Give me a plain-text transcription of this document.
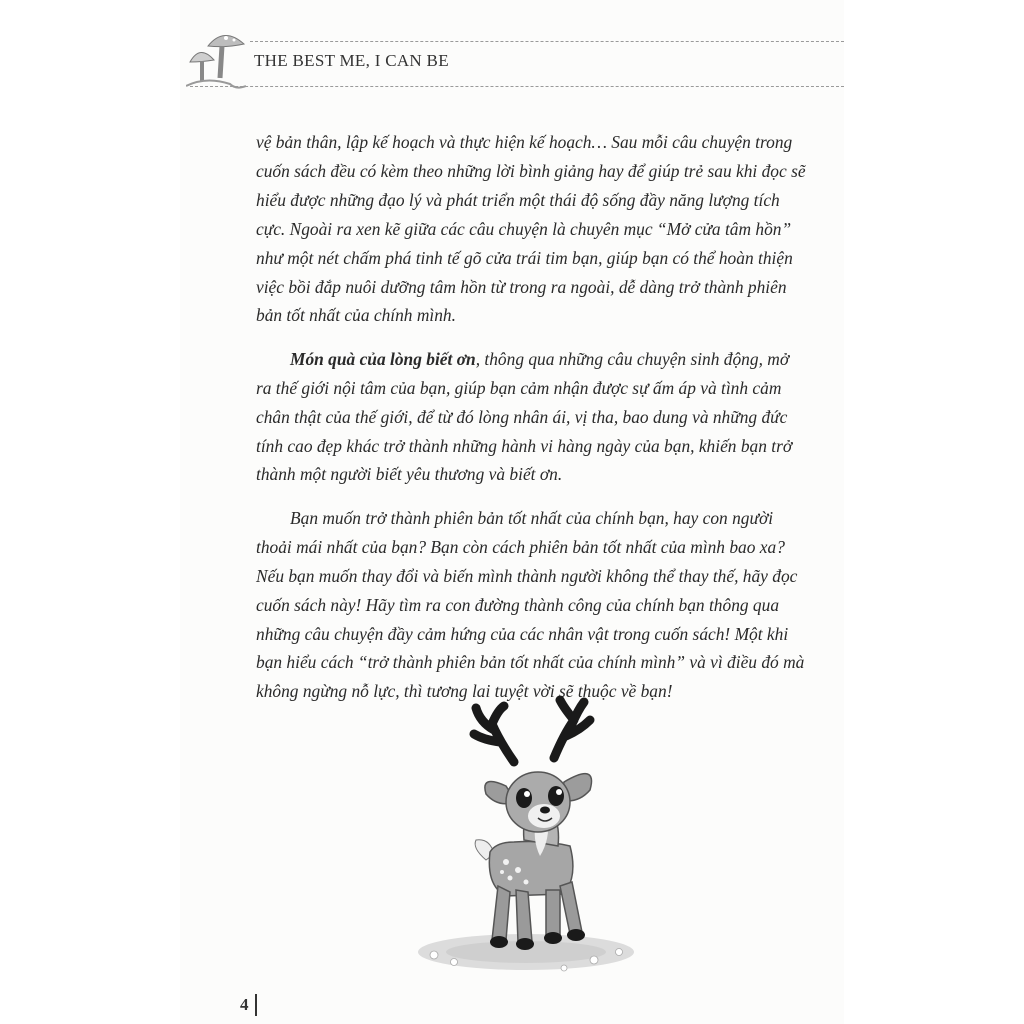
THE BEST ME, I CAN BE

vệ bản thân, lập kế hoạch và thực hiện kế hoạch… Sau mỗi câu chuyện trong
cuốn sách đều có kèm theo những lời bình giảng hay để giúp trẻ sau khi đọc sẽ
hiểu được những đạo lý và phát triển một thái độ sống đầy năng lượng tích
cực. Ngoài ra xen kẽ giữa các câu chuyện là chuyên mục “Mở cửa tâm hồn”
như một nét chấm phá tinh tế gõ cửa trái tim bạn, giúp bạn có thể hoàn thiện
việc bồi đắp nuôi dưỡng tâm hồn từ trong ra ngoài, dễ dàng trở thành phiên
bản tốt nhất của chính mình.

Món quà của lòng biết ơn, thông qua những câu chuyện sinh động, mở
ra thế giới nội tâm của bạn, giúp bạn cảm nhận được sự ấm áp và tình cảm
chân thật của thế giới, để từ đó lòng nhân ái, vị tha, bao dung và những đức
tính cao đẹp khác trở thành những hành vi hàng ngày của bạn, khiến bạn trở
thành một người biết yêu thương và biết ơn.

Bạn muốn trở thành phiên bản tốt nhất của chính bạn, hay con người
thoải mái nhất của bạn? Bạn còn cách phiên bản tốt nhất của mình bao xa?
Nếu bạn muốn thay đổi và biến mình thành người không thể thay thế, hãy đọc
cuốn sách này! Hãy tìm ra con đường thành công của chính bạn thông qua
những câu chuyện đầy cảm hứng của các nhân vật trong cuốn sách! Một khi
bạn hiểu cách “trở thành phiên bản tốt nhất của chính mình” và vì điều đó mà
không ngừng nỗ lực, thì tương lai tuyệt vời sẽ thuộc về bạn!

4
